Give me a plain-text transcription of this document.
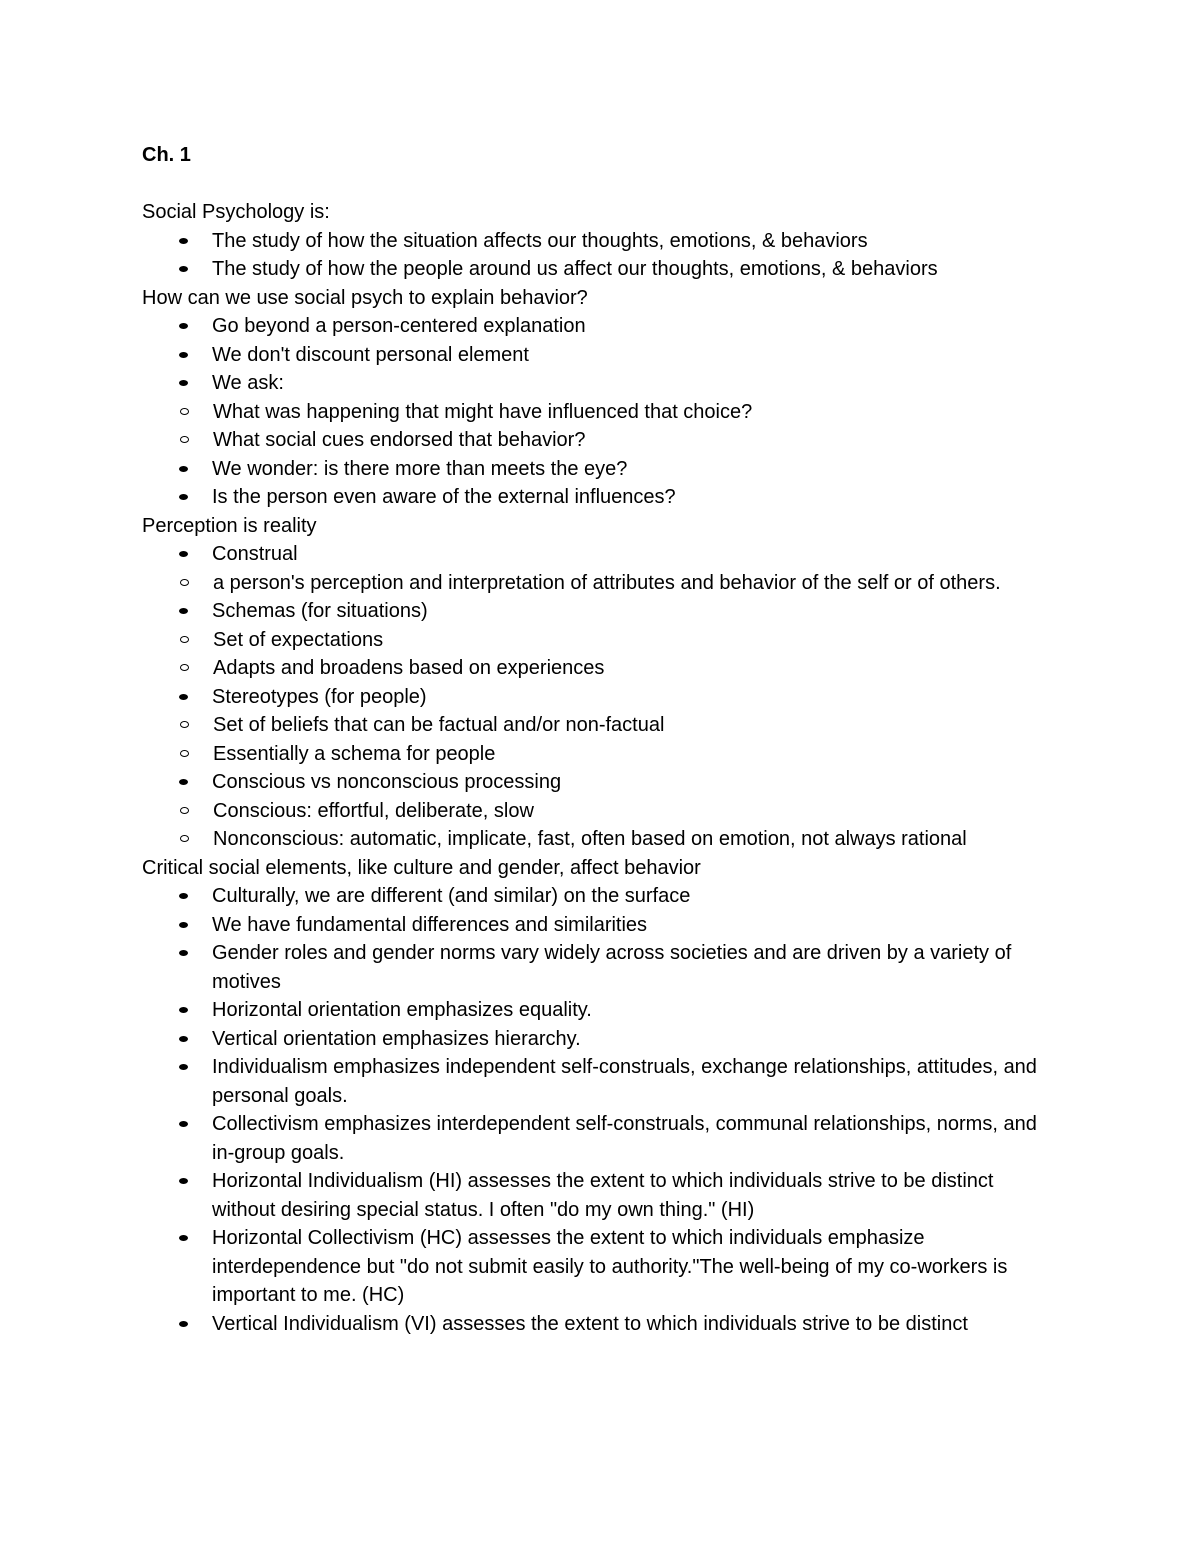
Ch. 1
Social Psychology is:
The study of how the situation affects our thoughts, emotions, & behaviors
The study of how the people around us affect our thoughts, emotions, & behaviors
How can we use social psych to explain behavior?
Go beyond a person-centered explanation
We don't discount personal element
We ask:
What was happening that might have influenced that choice?
What social cues endorsed that behavior?
We wonder: is there more than meets the eye?
Is the person even aware of the external influences?
Perception is reality
Construal
a person's perception and interpretation of attributes and behavior of the self or of others.
Schemas (for situations)
Set of expectations
Adapts and broadens based on experiences
Stereotypes (for people)
Set of beliefs that can be factual and/or non-factual
Essentially a schema for people
Conscious vs nonconscious processing
Conscious: effortful, deliberate, slow
Nonconscious: automatic, implicate, fast, often based on emotion, not always rational
Critical social elements, like culture and gender, affect behavior
Culturally, we are different (and similar) on the surface
We have fundamental differences and similarities
Gender roles and gender norms vary widely across societies and are driven by a variety of motives
Horizontal orientation emphasizes equality.
Vertical orientation emphasizes hierarchy.
Individualism emphasizes independent self-construals, exchange relationships, attitudes, and personal goals.
Collectivism emphasizes interdependent self-construals, communal relationships, norms, and in-group goals.
Horizontal Individualism (HI) assesses the extent to which individuals strive to be distinct without desiring special status. I often "do my own thing." (HI)
Horizontal Collectivism (HC) assesses the extent to which individuals emphasize interdependence but "do not submit easily to authority."The well-being of my co-workers is important to me. (HC)
Vertical Individualism (VI) assesses the extent to which individuals strive to be distinct
